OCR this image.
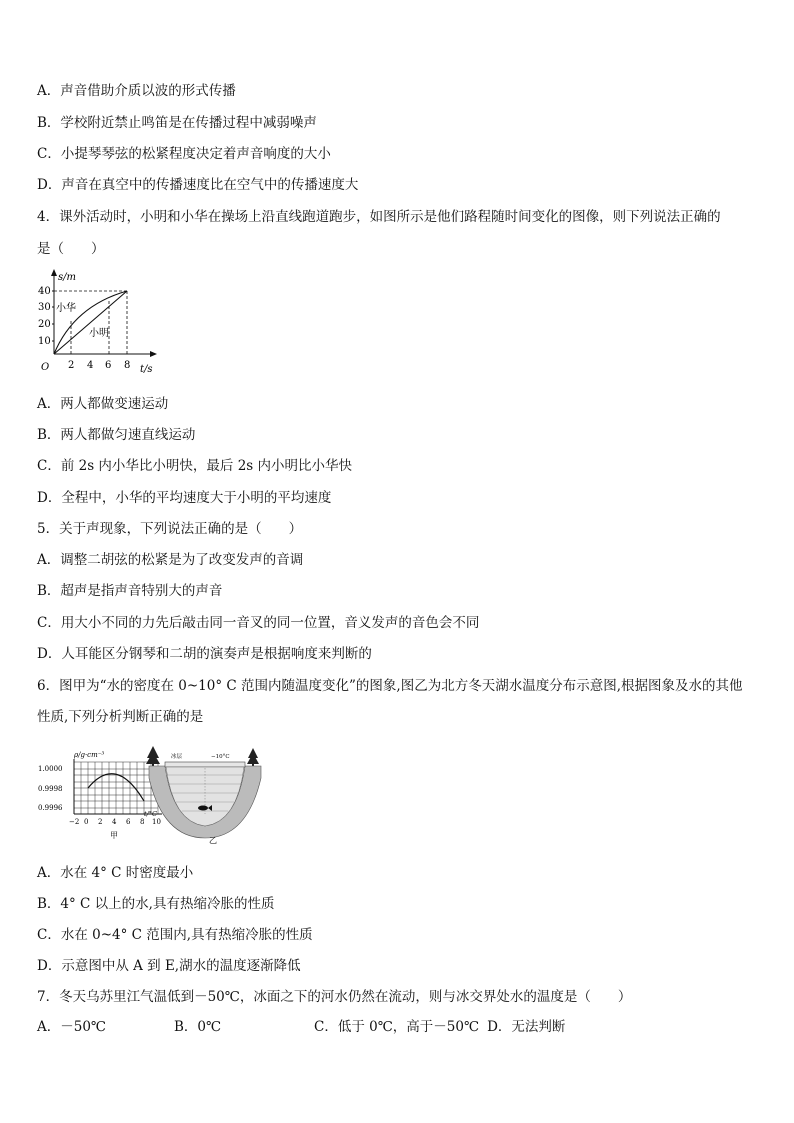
A．声音借助介质以波的形式传播
B．学校附近禁止鸣笛是在传播过程中减弱噪声
C．小提琴琴弦的松紧程度决定着声音响度的大小
D．声音在真空中的传播速度比在空气中的传播速度大
4．课外活动时，小明和小华在操场上沿直线跑道跑步，如图所示是他们路程随时间变化的图像，则下列说法正确的
是（　　）
s/m
t/s
O
10
20
30
40
2 4 6 8
小华
小明
A．两人都做变速运动
B．两人都做匀速直线运动
C．前 2s 内小华比小明快，最后 2s 内小明比小华快
D．全程中，小华的平均速度大于小明的平均速度
5．关于声现象，下列说法正确的是（　　）
A．调整二胡弦的松紧是为了改变发声的音调
B．超声是指声音特别大的声音
C．用大小不同的力先后敲击同一音叉的同一位置，音义发声的音色会不同
D．人耳能区分钢琴和二胡的演奏声是根据响度来判断的
6．图甲为“水的密度在 0~10° C 范围内随温度变化”的图象,图乙为北方冬天湖水温度分布示意图,根据图象及水的其他
性质,下列分析判断正确的是
ρ/g·cm⁻³
1.0000
0.9998
0.9996
−2 0 2 4 6 8 10
t/°C
甲
冰层	−10°C
乙
A．水在 4° C 时密度最小
B．4° C 以上的水,具有热缩冷胀的性质
C．水在 0~4° C 范围内,具有热缩冷胀的性质
D．示意图中从 A 到 E,湖水的温度逐渐降低
7．冬天乌苏里江气温低到－50℃，冰面之下的河水仍然在流动，则与冰交界处水的温度是（　　）
A．－50℃	B．0℃	C．低于 0℃，高于－50℃ D．无法判断
